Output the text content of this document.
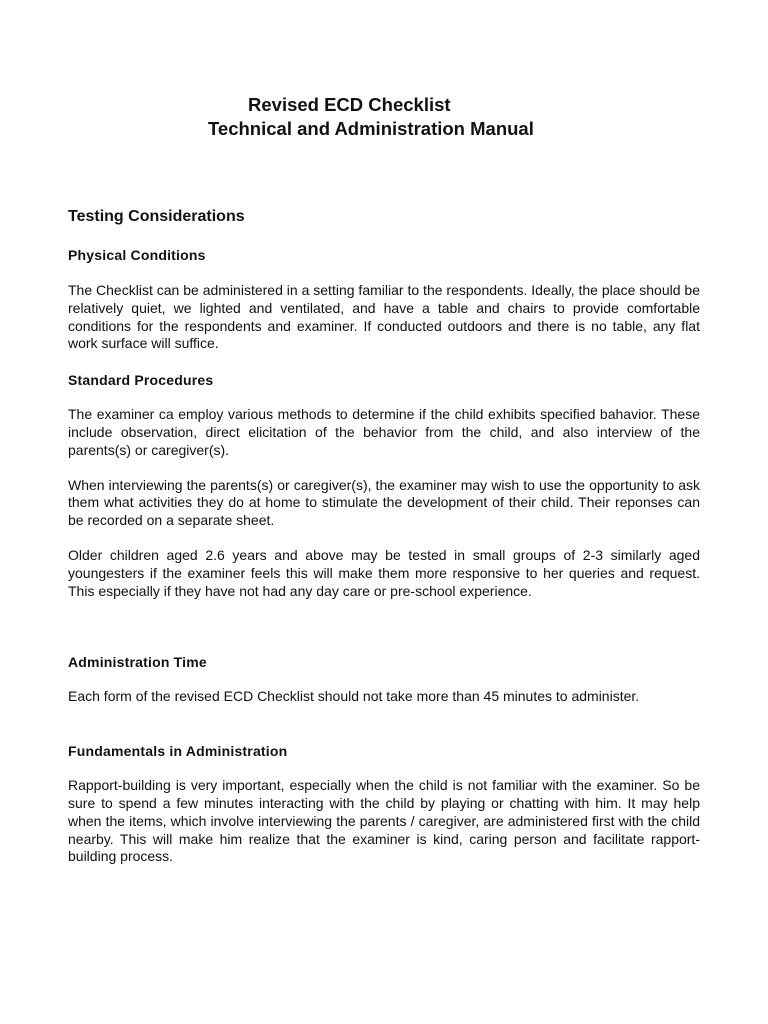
Revised ECD Checklist
Technical and Administration Manual
Testing Considerations
Physical Conditions

The Checklist can be administered in a setting familiar to the respondents. Ideally, the place should be relatively quiet, we lighted and ventilated, and have a table and chairs to provide comfortable conditions for the respondents and examiner. If conducted outdoors and there is no table, any flat work surface will suffice.

Standard Procedures

The examiner ca employ various methods to determine if the child exhibits specified bahavior. These include observation, direct elicitation of the behavior from the child, and also interview of the parents(s) or caregiver(s).

When interviewing the parents(s) or caregiver(s), the examiner may wish to use the opportunity to ask them what activities they do at home to stimulate the development of their child. Their reponses can be recorded on a separate sheet.

Older children aged 2.6 years and above may be tested in small groups of 2-3 similarly aged youngesters if the examiner feels this will make them more responsive to her queries and request. This especially if they have not had any day care or pre-school experience.

Administration Time

Each form of the revised ECD Checklist should not take more than 45 minutes to administer.

Fundamentals in Administration

Rapport-building is very important, especially when the child is not familiar with the examiner. So be sure to spend a few minutes interacting with the child by playing or chatting with him. It may help when the items, which involve interviewing the parents / caregiver, are administered first with the child nearby. This will make him realize that the examiner is kind, caring person and facilitate rapport-building process.
